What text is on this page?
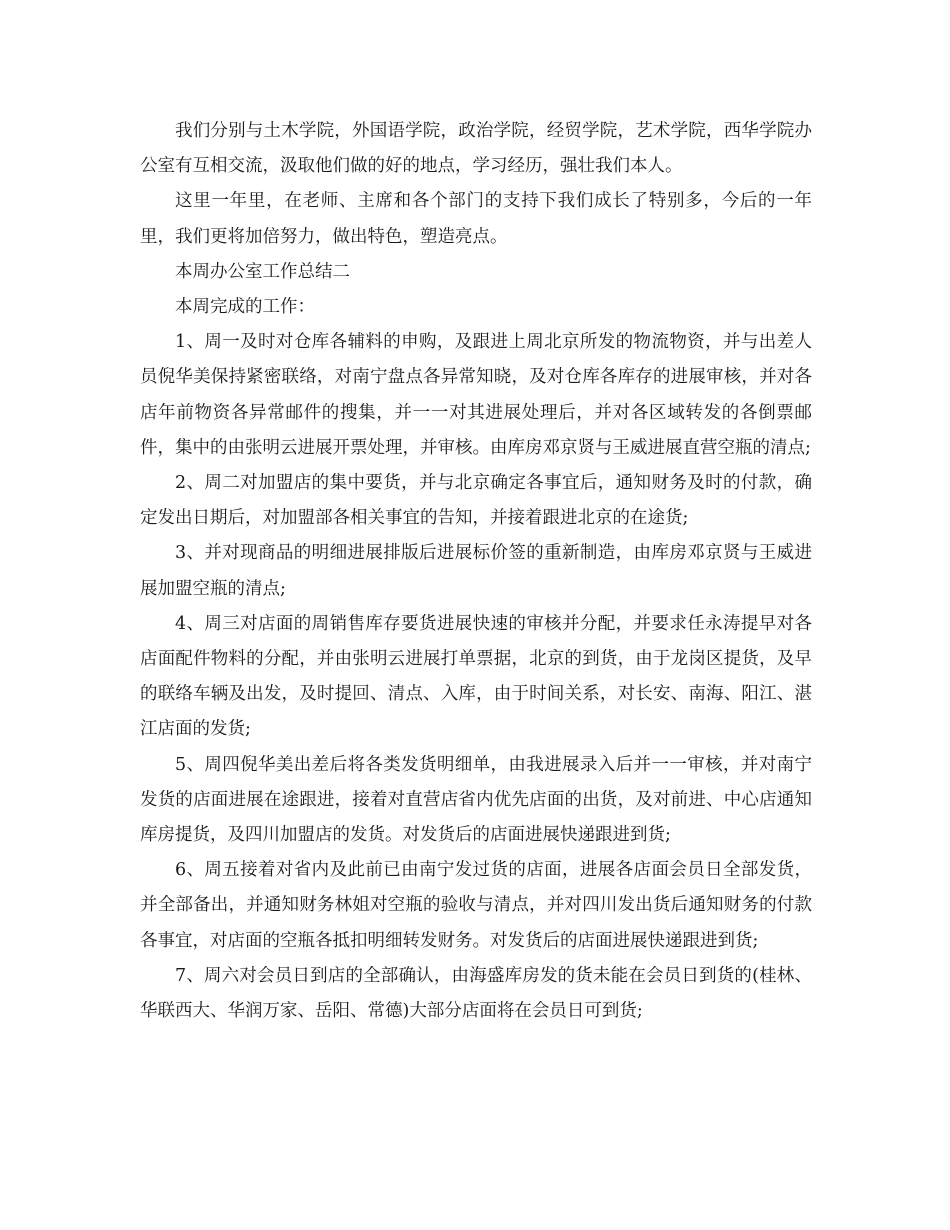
我们分别与土木学院，外国语学院，政治学院，经贸学院，艺术学院，西华学院办公室有互相交流，汲取他们做的好的地点，学习经历，强壮我们本人。

这里一年里，在老师、主席和各个部门的支持下我们成长了特别多，今后的一年里，我们更将加倍努力，做出特色，塑造亮点。

本周办公室工作总结二

本周完成的工作：

1、周一及时对仓库各辅料的申购，及跟进上周北京所发的物流物资，并与出差人员倪华美保持紧密联络，对南宁盘点各异常知晓，及对仓库各库存的进展审核，并对各店年前物资各异常邮件的搜集，并一一对其进展处理后，并对各区域转发的各倒票邮件，集中的由张明云进展开票处理，并审核。由库房邓京贤与王威进展直营空瓶的清点;

2、周二对加盟店的集中要货，并与北京确定各事宜后，通知财务及时的付款，确定发出日期后，对加盟部各相关事宜的告知，并接着跟进北京的在途货;

3、并对现商品的明细进展排版后进展标价签的重新制造，由库房邓京贤与王威进展加盟空瓶的清点;

4、周三对店面的周销售库存要货进展快速的审核并分配，并要求任永涛提早对各店面配件物料的分配，并由张明云进展打单票据，北京的到货，由于龙岗区提货，及早的联络车辆及出发，及时提回、清点、入库，由于时间关系，对长安、南海、阳江、湛江店面的发货;

5、周四倪华美出差后将各类发货明细单，由我进展录入后并一一审核，并对南宁发货的店面进展在途跟进，接着对直营店省内优先店面的出货，及对前进、中心店通知库房提货，及四川加盟店的发货。对发货后的店面进展快递跟进到货;

6、周五接着对省内及此前已由南宁发过货的店面，进展各店面会员日全部发货，并全部备出，并通知财务林姐对空瓶的验收与清点，并对四川发出货后通知财务的付款各事宜，对店面的空瓶各抵扣明细转发财务。对发货后的店面进展快递跟进到货;

7、周六对会员日到店的全部确认，由海盛库房发的货未能在会员日到货的(桂林、华联西大、华润万家、岳阳、常德)大部分店面将在会员日可到货;
